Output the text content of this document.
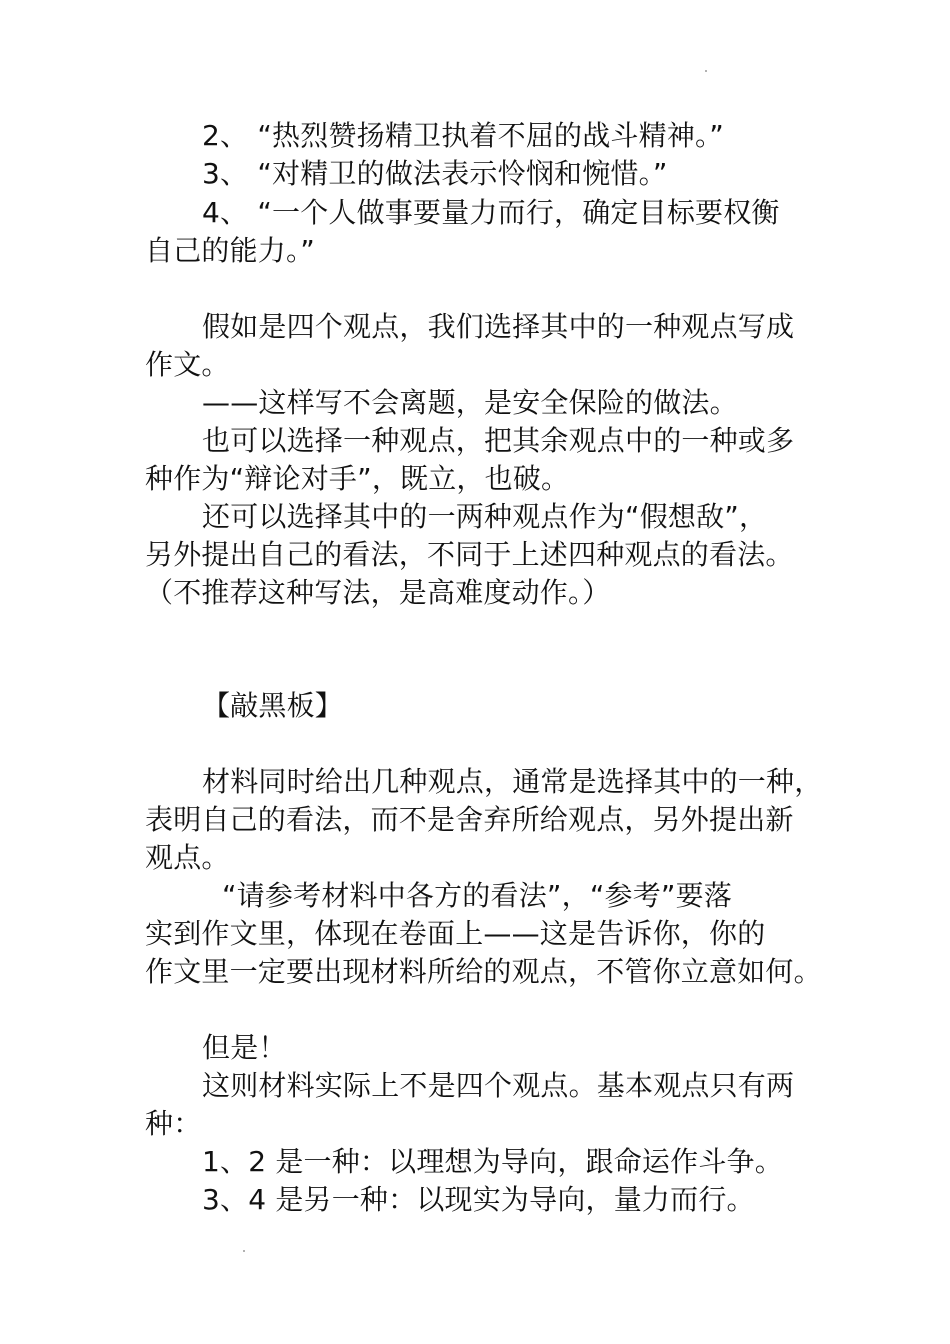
2、 “热烈赞扬精卫执着不屈的战斗精神。”
3、 “对精卫的做法表示怜悯和惋惜。”
4、 “一个人做事要量力而行，确定目标要权衡
自己的能力。”
假如是四个观点，我们选择其中的一种观点写成
作文。
——这样写不会离题，是安全保险的做法。
也可以选择一种观点，把其余观点中的一种或多
种作为“辩论对手”，既立，也破。
还可以选择其中的一两种观点作为“假想敌”，
另外提出自己的看法，不同于上述四种观点的看法。
（不推荐这种写法，是高难度动作。）
【敲黑板】
材料同时给出几种观点，通常是选择其中的一种，
表明自己的看法，而不是舍弃所给观点，另外提出新
观点。
“请参考材料中各方的看法”，“参考”要落
实到作文里，体现在卷面上——这是告诉你，你的
作文里一定要出现材料所给的观点，不管你立意如何。
但是！
这则材料实际上不是四个观点。基本观点只有两
种：
1、2 是一种：以理想为导向，跟命运作斗争。
3、4 是另一种：以现实为导向，量力而行。
